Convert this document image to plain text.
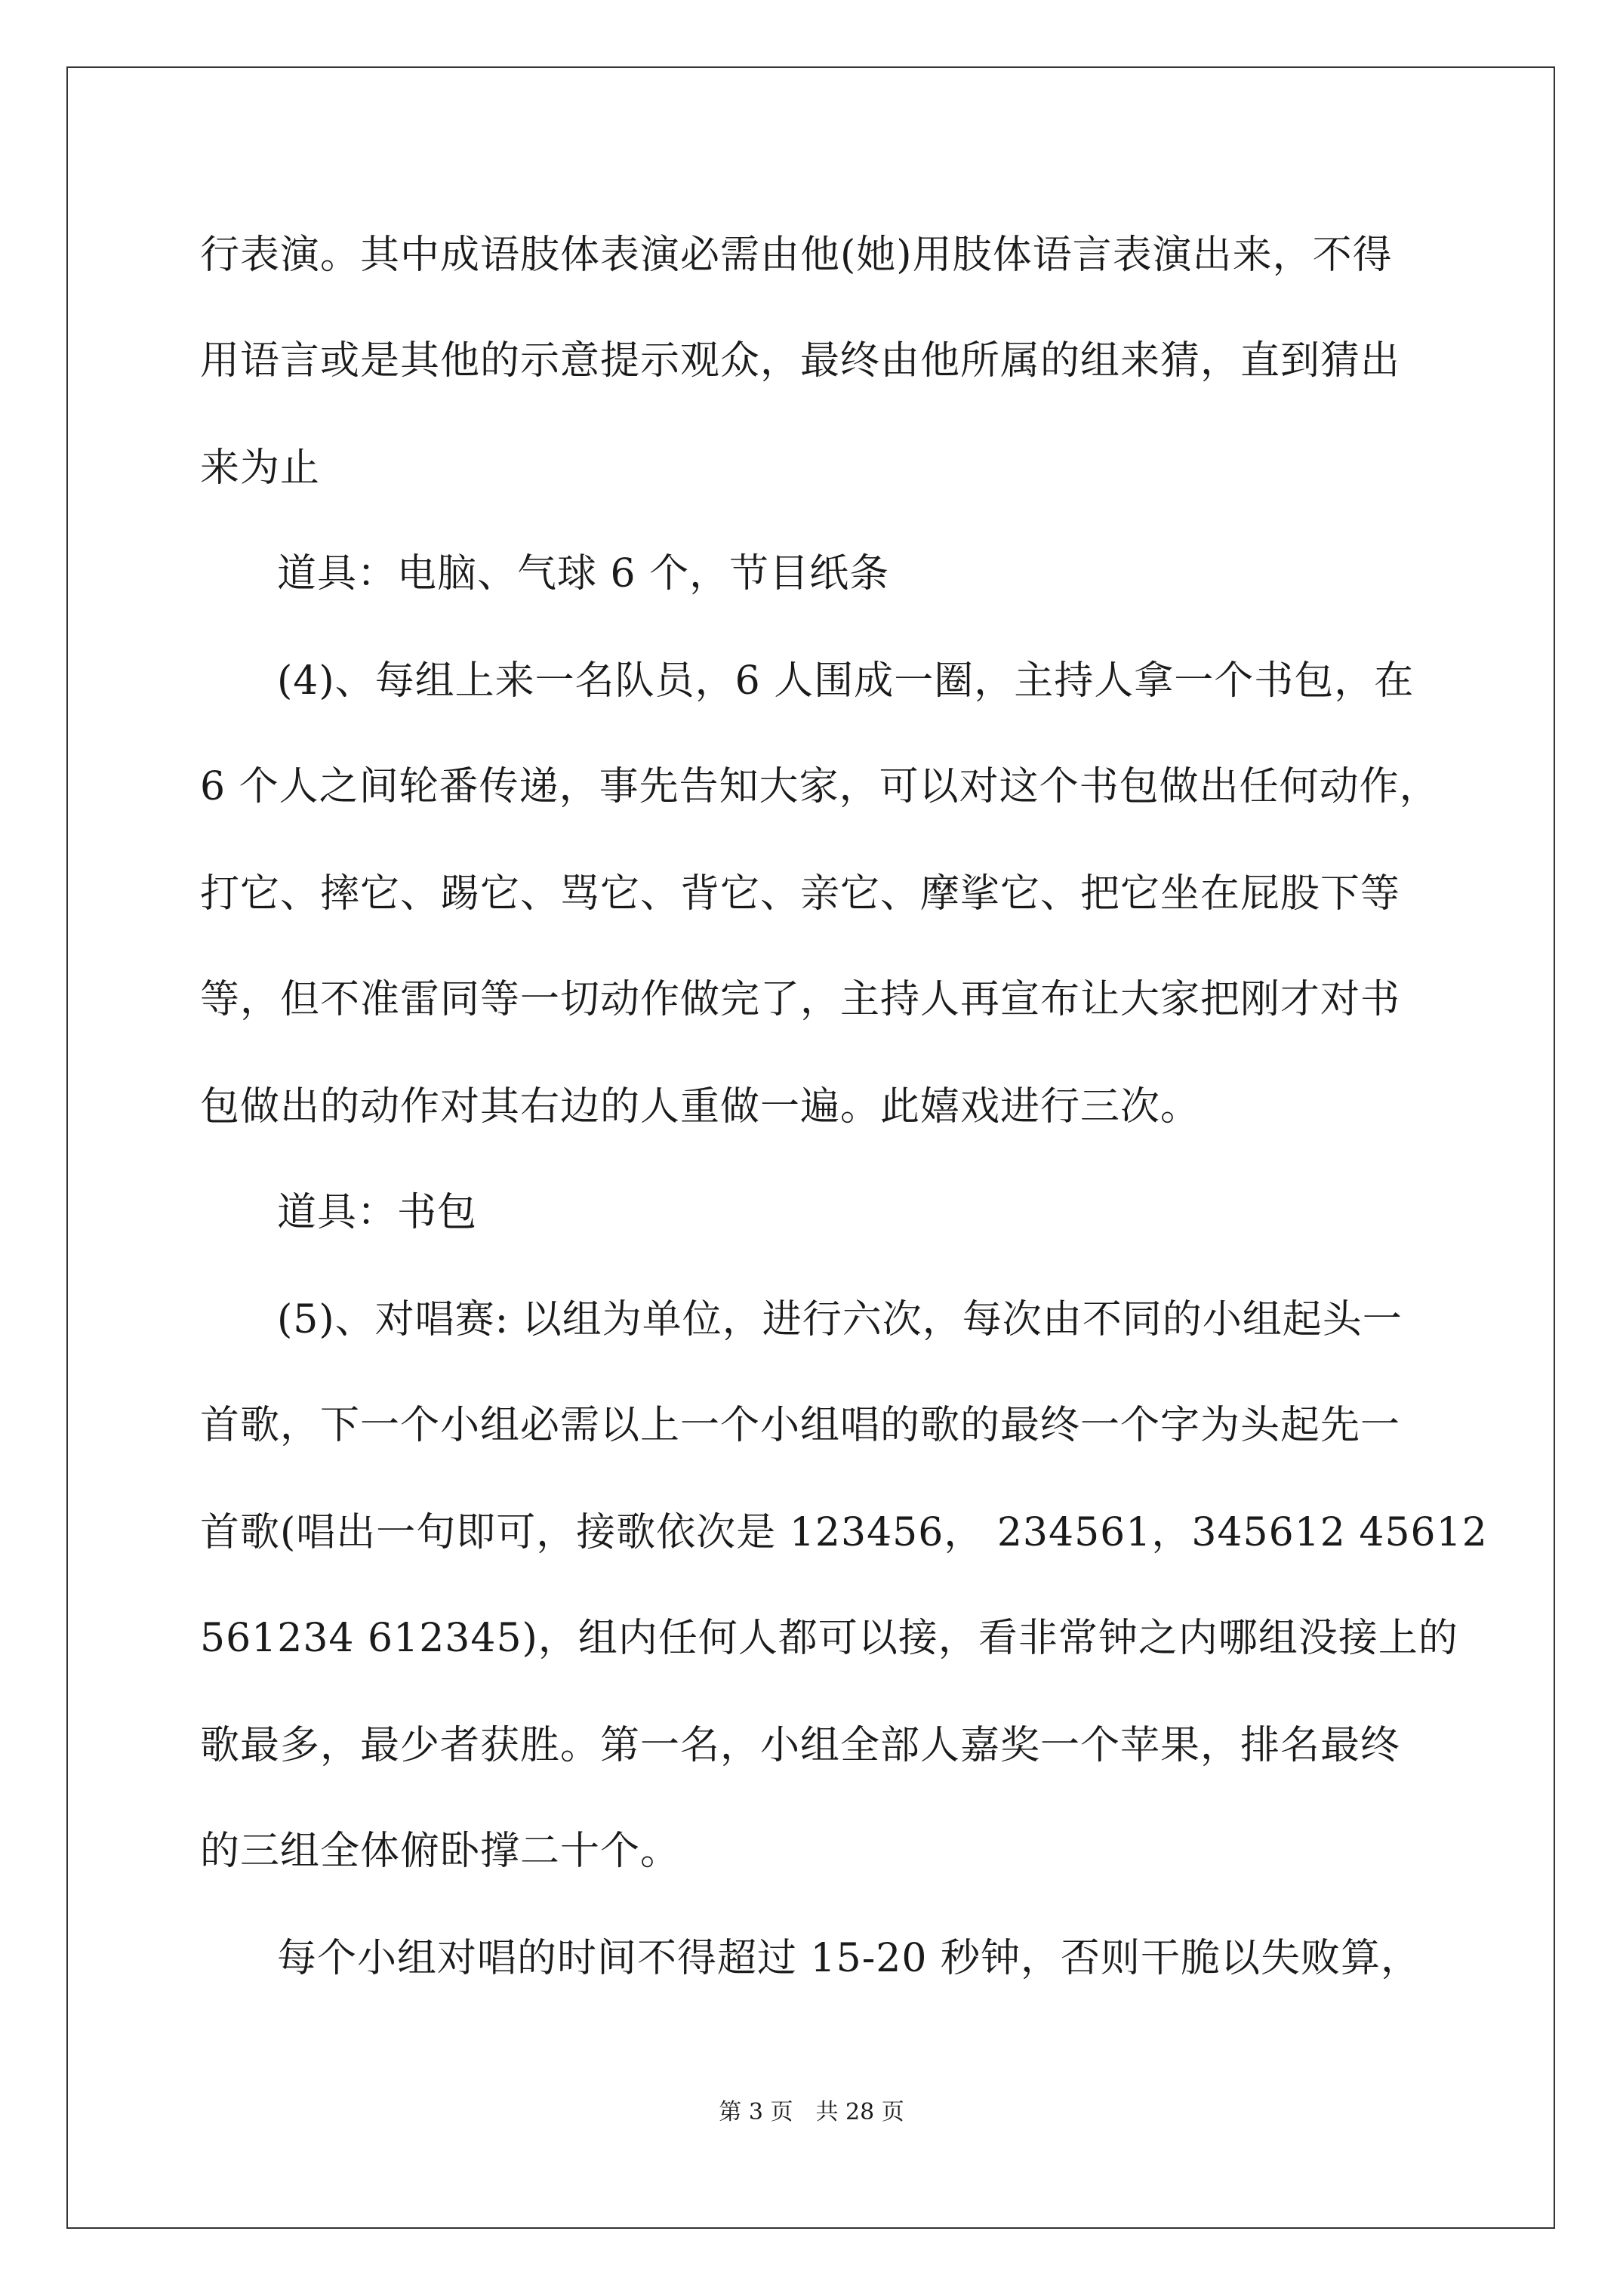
行表演。其中成语肢体表演必需由他(她)用肢体语言表演出来，不得
用语言或是其他的示意提示观众，最终由他所属的组来猜，直到猜出
来为止
道具：电脑、气球 6 个，节目纸条
(4)、每组上来一名队员，6 人围成一圈，主持人拿一个书包，在
6 个人之间轮番传递，事先告知大家，可以对这个书包做出任何动作，
打它、摔它、踢它、骂它、背它、亲它、摩挲它、把它坐在屁股下等
等，但不准雷同等一切动作做完了，主持人再宣布让大家把刚才对书
包做出的动作对其右边的人重做一遍。此嬉戏进行三次。
道具：书包
(5)、对唱赛: 以组为单位，进行六次，每次由不同的小组起头一
首歌，下一个小组必需以上一个小组唱的歌的最终一个字为头起先一
首歌(唱出一句即可，接歌依次是 123456， 234561，345612 45612
561234 612345)，组内任何人都可以接，看非常钟之内哪组没接上的
歌最多，最少者获胜。第一名，小组全部人嘉奖一个苹果，排名最终
的三组全体俯卧撑二十个。
每个小组对唱的时间不得超过 15-20 秒钟，否则干脆以失败算，
第 3 页　共 28 页
